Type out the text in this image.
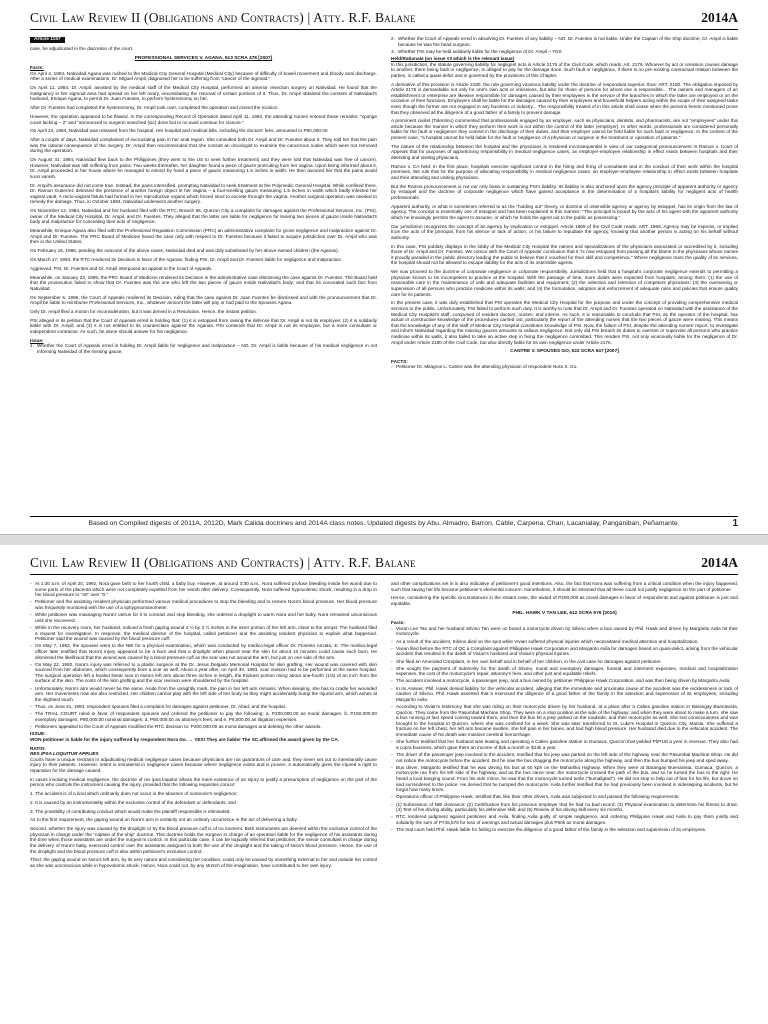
Civil Law Review II (Obligations and Contracts) | Atty. R.F. Balane	2014A
Article 1157

case, be adjudicated in the discretion of the court.

PROFESSIONAL SERVICES V. AGANA, 513 SCRA 478 [2007]
Facts:

On April 4, 1984, Natividad Agana was rushed to the Medical City General Hospital (Medical City) because of difficulty of bowel movement and bloody anal discharge. After a series of medical examinations, Dr. Miguel Ampil, diagnosed her to be suffering from "cancer of the sigmoid."

On April 11, 1984, Dr. Ampil, assisted by the medical staff of the Medical City Hospital, performed an anterior resection surgery on Natividad. He found that the malignancy in her sigmoid area had spread on her left ovary, necessitating the removal of certain portions of it. Thus, Dr. Ampil obtained the consent of Natividad's husband, Enrique Agana, to permit Dr. Juan Fuentes, to perform hysterectomy on her.

After Dr. Fuentes had completed the hysterectomy, Dr. Ampil took over, completed the operation and closed the incision.

However, the operation appeared to be flawed. In the corresponding Record of Operation dated April 11, 1984, the attending nurses entered these remarks: "sponge count lacking – 2" and "announced to surgeon searched (sic) done but to no avail continue for closure."

On April 24, 1984, Natividad was released from the hospital. Her hospital and medical bills, including the doctors' fees, amounted to P60,000.00.

After a couple of days, Natividad complained of excruciating pain in her anal region. She consulted both Dr. Ampil and Dr. Fuentes about it. They told her that the pain was the natural consequence of the surgery. Dr. Ampil then recommended that she consult an oncologist to examine the cancerous nodes which were not removed during the operation.

On August 31, 1984, Natividad flew back to the Philippines (they went to the US to seek further treatment) and they were told that Natividad was free of cancer). However, Natividad was still suffering from pains. Two weeks thereafter, her daughter found a piece of gauze protruding from her vagina. Upon being informed about it, Dr. Ampil proceeded to her house where he managed to extract by hand a piece of gauze measuring 1.5 inches in width. He then assured her that the pains would soon vanish.

Dr. Ampil's assurance did not come true. Instead, the pains intensified, prompting Natividad to seek treatment at the Polymedic General Hospital. While confined there, Dr. Ramon Gutierrez detected the presence of another foreign object in her vagina – a foul-smelling gauze measuring 1.5 inches in width which badly infected her vaginal vault. A recto-vaginal fistula had formed in her reproductive organs which forced stool to excrete through the vagina. Another surgical operation was needed to remedy the damage. Thus, in October 1984, Natividad underwent another surgery.

On November 12, 1984, Natividad and her husband filed with the RTC, Branch 96, Quezon City a complaint for damages against the Professional Services, Inc. (PSI), owner of the Medical City Hospital, Dr. Ampil, and Dr. Fuentes. They alleged that the latter are liable for negligence for leaving two pieces of gauze inside Natividad's body and malpractice for concealing their acts of negligence.

Meanwhile, Enrique Agana also filed with the Professional Regulation Commission (PRC) an administrative complaint for gross negligence and malpractice against Dr. Ampil and Dr. Fuentes. The PRC Board of Medicine heard the case only with respect to Dr. Fuentes because it failed to acquire jurisdiction over Dr. Ampil who was then in the United States.

On February 16, 1986, pending the outcome of the above cases, Natividad died and was duly substituted by her above-named children (the Aganas).

On March 17, 1993, the RTC rendered its Decision in favor of the Aganas, finding PSI, Dr. Ampil and Dr. Fuentes liable for negligence and malpractice.

Aggrieved, PSI, Dr. Fuentes and Dr. Ampil interposed an appeal to the Court of Appeals.

Meanwhile, on January 23, 1995, the PRC Board of Medicine rendered its Decision in the administrative case dismissing the case against Dr. Fuentes. The Board held that the prosecution failed to show that Dr. Fuentes was the one who left the two pieces of gauze inside Natividad's body; and that he concealed such fact from Natividad.

On September 6, 1996, the Court of Appeals rendered its Decision, ruling that the case against Dr. Juan Fuentes be dismissed and with the pronouncement that Dr. Ampil be liable to reimburse Professional Services, Inc., whatever amount the latter will pay or had paid to the Spouses Agana.

Only Dr. Ampil filed a motion for reconsideration, but it was denied in a Resolution. Hence, the instant petition.

PSI alleged in its petition that the Court of Appeals erred in holding that: (1) it is estopped from raising the defense that Dr. Ampil is not its employee; (2) it is solidarily liable with Dr. Ampil; and (3) it is not entitled to its counterclaim against the Aganas. PSI contends that Dr. Ampil is not its employee, but a mere consultant or independent contractor. As such, he alone should answer for his negligence.

Issue:
1. Whether the Court of Appeals erred in holding Dr. Ampil liable for negligence and malpractice – NO. Dr. Ampil is liable because of his medical negligence in not informing Natividad of the missing gauze.
2. Whether the Court of Appeals erred in absolving Dr. Fuentes of any liability – NO. Dr. Fuentes is not liable. Under the Captain of the Ship doctrine, Dr. Ampil is liable because he was the head surgeon.
3. Whether PSI may be held solidarily liable for the negligence of Dr. Ampil – YES.
Held/Rationale (on issue #3 which is the relevant issue)

In this jurisdiction, the statute governing liability for negligent acts is Article 2176 of the Civil Code, which reads: Art. 2176. Whoever by act or omission causes damage to another, there being fault or negligence, is obliged to pay for the damage done. Such fault or negligence, if there is no pre-existing contractual relation between the parties, is called a quasi-delict and is governed by the provisions of this Chapter.

A derivative of this provision is Article 2180, the rule governing vicarious liability under the doctrine of respondeat superior, thus: ART. 2180. The obligation imposed by Article 2176 is demandable not only for one's own acts or omissions, but also for those of persons for whom one is responsible... The owners and managers of an establishment or enterprise are likewise responsible for damages caused by their employees in the service of the branches in which the latter are employed or on the occasion of their functions. Employers shall be liable for the damages caused by their employees and household helpers acting within the scope of their assigned tasks even though the former are not engaged in any business or industry... The responsibility treated of in this article shall cease when the persons herein mentioned prove that they observed all the diligence of a good father of a family to prevent damage.

A prominent civilist (Tolentino) commented that professionals engaged by an employer, such as physicians, dentists, and pharmacists, are not "employees" under this article because the manner in which they perform their work is not within the control of the latter (employer). In other words, professionals are considered personally liable for the fault or negligence they commit in the discharge of their duties, and their employer cannot be held liable for such fault or negligence. In the context of the present case, "a hospital cannot be held liable for the fault or negligence of a physician or surgeon in the treatment or operation of patients."

The nature of the relationship between the hospital and the physicians is rendered inconsequential in view of our categorical pronouncement in Ramos v. Court of Appeals that for purposes of apportioning responsibility in medical negligence cases, an employer-employee relationship in effect exists between hospitals and their attending and visiting physicians.

Ramos v. CA held: In the first place, hospitals exercise significant control in the hiring and firing of consultants and in the conduct of their work within the hospital premises. We rule that for the purpose of allocating responsibility in medical negligence cases, an employer-employee relationship in effect exists between hospitals and their attending and visiting physicians.

But the Ramos pronouncement is not our only basis in sustaining PSI's liability. Its liability is also anchored upon the agency principle of apparent authority or agency by estoppel and the doctrine of corporate negligence which have gained acceptance in the determination of a hospital's liability for negligent acts of health professionals.

Apparent authority, or what is sometimes referred to as the "holding out" theory, or doctrine of ostensible agency or agency by estoppel, has its origin from the law of agency. The concept is essentially one of estoppel and has been explained in this manner: "The principal is bound by the acts of his agent with the apparent authority which he knowingly permits the agent to assume, or which he holds the agent out to the public as possessing."

Our jurisdiction recognizes the concept of an agency by implication or estoppel. Article 1869 of the Civil Code reads: ART. 1869. Agency may be express, or implied from the acts of the principal, from his silence or lack of action, or his failure to repudiate the agency, knowing that another person is acting on his behalf without authority.

In this case, PSI publicly displays in the lobby of the Medical City Hospital the names and specializations of the physicians associated or accredited by it, including those of Dr. Ampil and Dr. Fuentes. We concur with the Court of Appeals' conclusion that it "is now estopped from passing all the blame to the physicians whose names it proudly paraded in the public directory leading the public to believe that it vouched for their skill and competence." Where negligence mars the quality of its services, the hospital should not be allowed to escape liability for the acts of its ostensible agents.

We now proceed to the doctrine of corporate negligence or corporate responsibility. Jurisdictions held that a hospital's corporate negligence extends to permitting a physician known to be incompetent to practice at the hospital. With the passage of time, more duties were expected from hospitals, among them: (1) the use of reasonable care in the maintenance of safe and adequate facilities and equipment; (2) the selection and retention of competent physicians; (3) the overseeing or supervision of all persons who practice medicine within its walls; and (4) the formulation, adoption and enforcement of adequate rules and policies that ensure quality care for its patients.

In the present case, it was duly established that PSI operates the Medical City Hospital for the purpose and under the concept of providing comprehensive medical services to the public. Unfortunately, PSI failed to perform such duty. It is worthy to note that Dr. Ampil and Dr. Fuentes operated on Natividad with the assistance of the Medical City Hospital's staff, composed of resident doctors, nurses, and interns. As such, it is reasonable to conclude that PSI, as the operator of the hospital, has actual or constructive knowledge of the procedures carried out, particularly the report of the attending nurses that the two pieces of gauze were missing. This means that the knowledge of any of the staff of Medical City Hospital constitutes knowledge of PSI. Now, the failure of PSI, despite the attending nurses' report, to investigate and inform Natividad regarding the missing gauzes amounts to callous negligence. Not only did PSI breach its duties to oversee or supervise all persons who practice medicine within its walls, it also failed to take an active step in fixing the negligence committed. This renders PSI, not only vicariously liable for the negligence of Dr. Ampil under Article 2180 of the Civil Code, but also directly liable for its own negligence under Article 2176.

CANTRE V. SPOUSES GO, 522 SCRA 547 [2007]
FACTS:
◦ Petitioner Dr. Milagros L. Cantre was the attending physician of respondent Nora S. Go.
Based on Compiled digests of 2011A, 2012D, Mark Calida doctrines and 2014A class notes. Updated digests by Abu, Almadro, Barron, Cable, Carpena, Chan, Lacanialay, Panganiban, Peñamante.	1
Civil Law Review II (Obligations and Contracts) | Atty. R.F. Balane	2014A
◦ At 1:30 a.m. of April 20, 1992, Nora gave birth to her fourth child, a baby boy. However, at around 3:30 a.m., Nora suffered profuse bleeding inside her womb due to some parts of the placenta which were not completely expelled from her womb after delivery. Consequently, Nora suffered hypovolemic shock, resulting in a drop in her blood pressure to "40" over "0."
◦ Petitioner and the assisting resident physician performed various medical procedures to stop the bleeding and to restore Nora's blood pressure. Her blood pressure was frequently monitored with the use of a sphygmomanometer.
◦ While petitioner was massaging Nora's uterus for it to contract and stop bleeding, she ordered a droplight to warm Nora and her baby. Nora remained unconscious until she recovered.
◦ While in the recovery room, her husband, noticed a fresh gaping wound 2 ½ by 3 ½ inches in the inner portion of her left arm, close to the armpit. The husband filed a request for investigation. In response, the medical director of the hospital, called petitioner and the assisting resident physician to explain what happened. Petitioner said the wound was caused by the blood pressure cuff.
◦ On May 7, 1992, the spouses went to the NBI for a physical examination, which was conducted by medico-legal officer Dr. Floresto Arizala, Jr. The medico-legal officer later testified that Nora's injury appeared to be a burn and that a droplight when placed near the skin for about 10 minutes could cause such burn. He dismissed the likelihood that the wound was caused by a blood pressure cuff as the scar was not around the arm, but just on one side of the arm.
◦ On May 22, 1992, Nora's injury was referred to a plastic surgeon at the Dr. Jesus Delgado Memorial Hospital for skin grafting. Her wound was covered with skin sourced from her abdomen, which consequently bore a scar as well. About a year after, on April 30, 1993, scar revision had to be performed at the same hospital. The surgical operation left a healed linear scar in Nora's left arm about three inches in length, the thickest portion rising about one-fourth (1/4) of an inch from the surface of the skin. The costs of the skin grafting and the scar revision were shouldered by the hospital.
◦ Unfortunately, Nora's arm would never be the same. Aside from the unsightly mark, the pain in her left arm remains. When sleeping, she has to cradle her wounded arm. Her movements now are also restricted. Her children cannot play with the left side of her body as they might accidentally bump the injured arm, which aches at the slightest touch.
◦ Thus, on June 21, 1993, respondent spouses filed a complaint for damages against petitioner, Dr. Abad, and the hospital.
◦ The TRIAL COURT ruled in favor of respondent spouses and ordered the petitioner to pay the following: a. P200,000.00 as moral damages; b. P150,000.00 exemplary damages; P80,000.00 nominal damages; d. P50,000.00 as attorney's fees; and e. P6,000.00 as litigation expenses.
◦ Petitioners appealed to the Court of Appeals modified the RTC decision to: P200,000.00 as moral damages and deleting the other awards.
ISSUE:

WON petitioner is liable for the injury suffered by respondent Nora Go. → YES! They are liable! The SC affirmed the award given by the CA.

RATIO:
RES IPSA LOQUITUR APPLIES

Courts have a unique restraint in adjudicating medical negligence cases because physicians are not guarantors of care and, they never set out to intentionally cause injury to their patients. However, intent is immaterial in negligence cases because where negligence exists and is proven, it automatically gives the injured a right to reparation for the damage caused.

In cases involving medical negligence, the doctrine of res ipsa loquitur allows the mere existence of an injury to justify a presumption of negligence on the part of the person who controls the instrument causing the injury, provided that the following requisites concur:

1. The accident is of a kind which ordinarily does not occur in the absence of someone's negligence;

2. It is caused by an instrumentality within the exclusive control of the defendant or defendants; and

3. The possibility of contributing conduct which would make the plaintiff responsible is eliminated.

As to the first requirement, the gaping wound on Nora's arm is certainly not an ordinary occurrence in the act of delivering a baby.

Second, whether the injury was caused by the droplight or by the blood pressure cuff is of no moment. Both instruments are deemed within the exclusive control of the physician in charge under the "captain of the ship" doctrine. This doctrine holds the surgeon in charge of an operation liable for the negligence of his assistants during the time when those assistants are under the surgeon's control. In this particular case, it can be logically inferred that petitioner, the senior consultant in charge during the delivery of Nora's baby, exercised control over the assistants assigned to both the use of the droplight and the taking of Nora's blood pressure. Hence, the use of the droplight and the blood pressure cuff is also within petitioner's exclusive control.

Third, the gaping wound on Nora's left arm, by its very nature and considering her condition, could only be caused by something external to her and outside her control as she was unconscious while in hypovolemic shock. Hence, Nora could not, by any stretch of the imagination, have contributed to her own injury.

and other complications set in is also indicative of petitioner's good intentions. Also, the fact that Nora was suffering from a critical condition when the injury happened, such that saving her life became petitioner's elemental concern. Nonetheless, it should be stressed that all these could not justify negligence on the part of petitioner.

Hence, considering the specific circumstances in the instant case, the award of P200,000 as moral damages in favor of respondents and against petitioner is just and equitable.

PHIL. HAWK V TAN LEE, 612 SCRA 576 [2010]
Facts:
◦ Vivian Lee Tan and her husband Silvino Tan were on board a motorcycle driven by Silvino when a bus owned by Phil. Hawk and driven by Margarito Avila hit their motorcycle.
◦ As a result of the accident, Silvino died on the spot while Vivian suffered physical injuries which necessitated medical attention and hospitalization.
◦ Vivian filed before the RTC of QC a Complaint against Philippine Hawk Corporation and Margarito Avila for damages based on quasi-delict, arising from the vehicular accident that resulted in the death of Vivian's husband and Vivian's physical injuries.
◦ She filed an Amended Complaint, in her own behalf and in behalf of her children, in the civil case for damages against petitioner.
◦ She sought the payment of indemnity for the death of Silvino, moral and exemplary damages, funeral and interment expenses, medical and hospitalization expenses, the cost of the motorcycle's repair, attorney's fees, and other just and equitable reliefs.
◦ The accident involved a motorcycle, a passenger jeep, and a bus owned by petitioner Philippine Hawk Corporation, and was then being driven by Margarito Avila.
◦ In its Answer, Phil. Hawk denied liability for the vehicular accident, alleging that the immediate and proximate cause of the accident was the recklessness or lack of caution of Silvino. Phil. Hawk asserted that it exercised the diligence of a good father of the family in the selection and supervision of its employees, including Margarito Avila.
◦ According to Vivian's testimony that she was riding on their motorcycle driven by her husband, at a place after a Caltex gasoline station in Barangay Buenavista, Quezon. They came from the Pasumbal Machine Shop. They were on a stop position at the side of the highway; and when they were about to make a turn, she saw a bus running at fast speed coming toward them, and then the bus hit a jeep parked on the roadside, and their motorcycle as well. She lost consciousness and was brought to the hospital in Quezon, where she was confined for a week. She was later transferred to St. Luke's Hospital in Quezon City, Manila. She suffered a fracture on her left chest, her left arm became swollen, she felt pain in her bones, and had high blood pressure. Her husband died due to the vehicular accident. The immediate cause of his death was massive cerebral hemorrhage.
◦ She further testified that her husband was leasing and operating a Caltex gasoline station in Gumaca, Quezon that yielded PhP1M a year in revenue. They also had a copra business, which gave them an income of $2k a month or $24k a year.
◦ The driver of the passenger jeep involved in the accident, testified that his jeep was parked on the left side of the highway near the Pasumbal Machine Shop. He did not notice the motorcycle before the accident. But he saw the bus dragging the motorcycle along the highway, and then the bus bumped his jeep and sped away.
◦ Bus driver, Margarito testified that he was driving his bus at 60 kph on the Maharlika Highway. When they were at Barangay Buenavista, Gumaca, Quezon, a motorcycle ran from his left side of the highway, and as the bus came near, the motorcycle crossed the path of the bus, and so he turned the bus to the right. He heard a loud banging sound. From his side mirror, he saw that the motorcycle turned turtle ("bumaligtad"). He did not stop to help out of fear for his life, but drove on and surrendered to the police. He denied that he bumped the motorcycle. Avila further testified that he had previously been involved in sideswiping incidents, but he forgot how many times.
◦ Operations officer of Philippine Hawk, testified that, like their other drivers, Avila was subjected to and passed the following requirements:
◦ (1) Submission of NBI clearance; (2) Certification from his previous employer that he had no bad record; (3) Physical examination to determine his fitness to drive; (4) Test of his driving ability, particularly his defensive skill; and (5) Review of his driving skill every six months.
◦ RTC rendered judgment against petitioner and Avila, finding Avila guilty of simple negligence, and ordering Philippine Hawk and Avila to pay them jointly and solidarily the sum of P745,575 for loss of earnings and actual damages plus P50k as moral damages.
◦ The trial court held Phil. Hawk liable for failing to exercise the diligence of a good father of the family in the selection and supervision of its employees.
